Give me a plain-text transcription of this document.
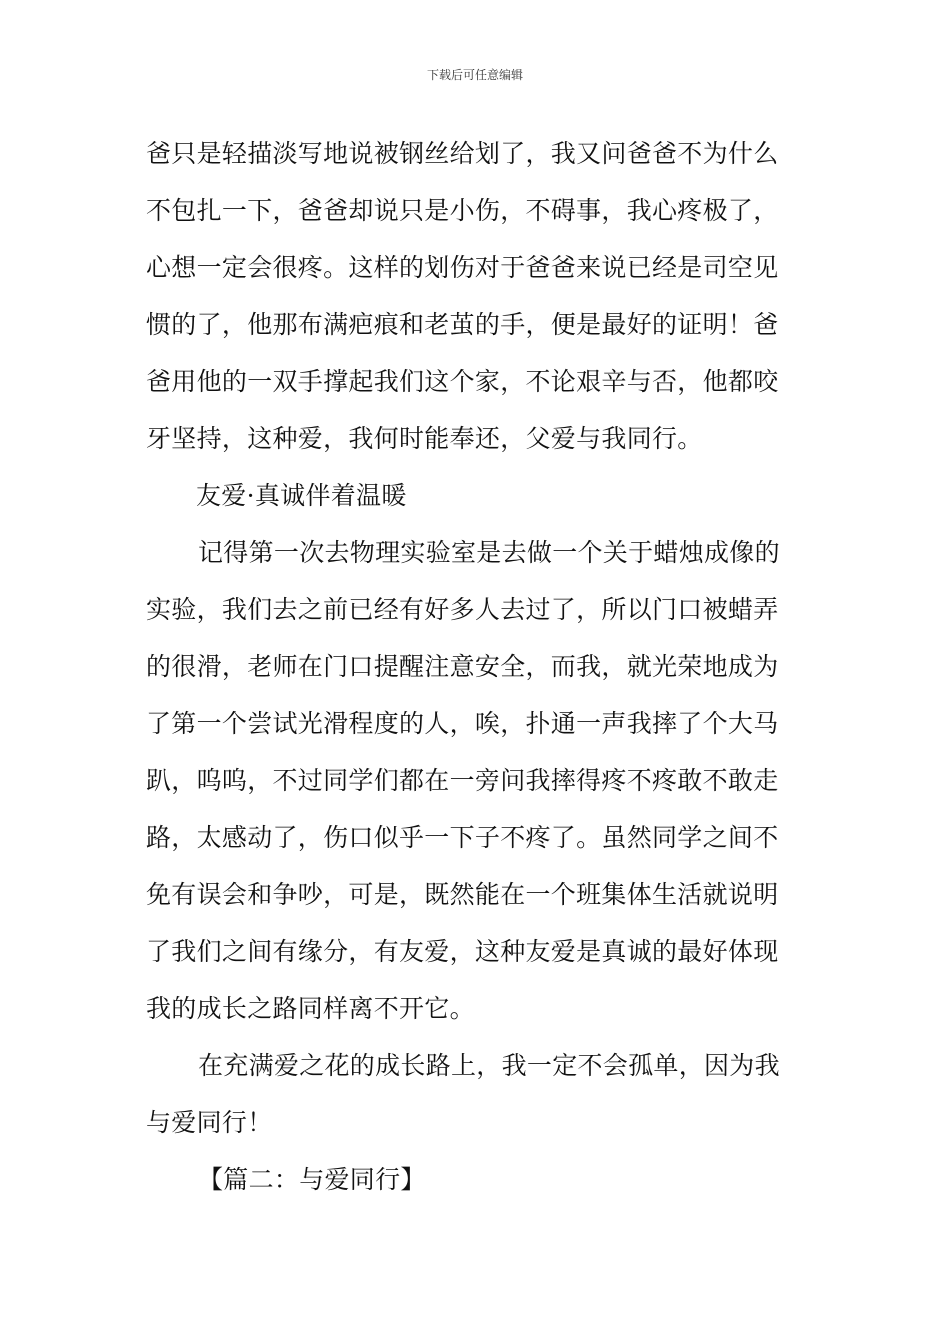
下载后可任意编辑
爸只是轻描淡写地说被钢丝给划了，我又问爸爸不为什么
不包扎一下，爸爸却说只是小伤，不碍事，我心疼极了，
心想一定会很疼。这样的划伤对于爸爸来说已经是司空见
惯的了，他那布满疤痕和老茧的手，便是最好的证明！爸
爸用他的一双手撑起我们这个家，不论艰辛与否，他都咬
牙坚持，这种爱，我何时能奉还，父爱与我同行。
友爱·真诚伴着温暖
记得第一次去物理实验室是去做一个关于蜡烛成像的
实验，我们去之前已经有好多人去过了，所以门口被蜡弄
的很滑，老师在门口提醒注意安全，而我，就光荣地成为
了第一个尝试光滑程度的人，唉，扑通一声我摔了个大马
趴，呜呜，不过同学们都在一旁问我摔得疼不疼敢不敢走
路，太感动了，伤口似乎一下子不疼了。虽然同学之间不
免有误会和争吵，可是，既然能在一个班集体生活就说明
了我们之间有缘分，有友爱，这种友爱是真诚的最好体现
我的成长之路同样离不开它。
在充满爱之花的成长路上，我一定不会孤单，因为我
与爱同行！
【篇二：与爱同行】
